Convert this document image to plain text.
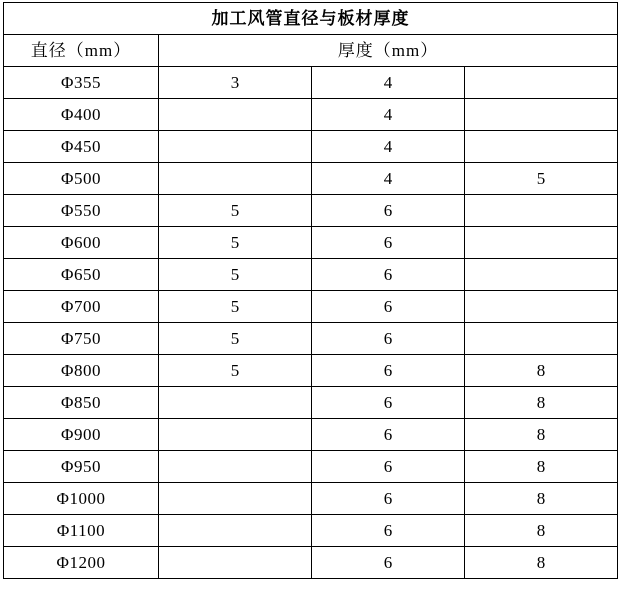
加工风管直径与板材厚度			
直径（mm）	厚度（mm）		
Φ355	3	4	
Φ400		4	
Φ450		4	
Φ500		4	5
Φ550	5	6	
Φ600	5	6	
Φ650	5	6	
Φ700	5	6	
Φ750	5	6	
Φ800	5	6	8
Φ850		6	8
Φ900		6	8
Φ950		6	8
Φ1000		6	8
Φ1100		6	8
Φ1200		6	8
